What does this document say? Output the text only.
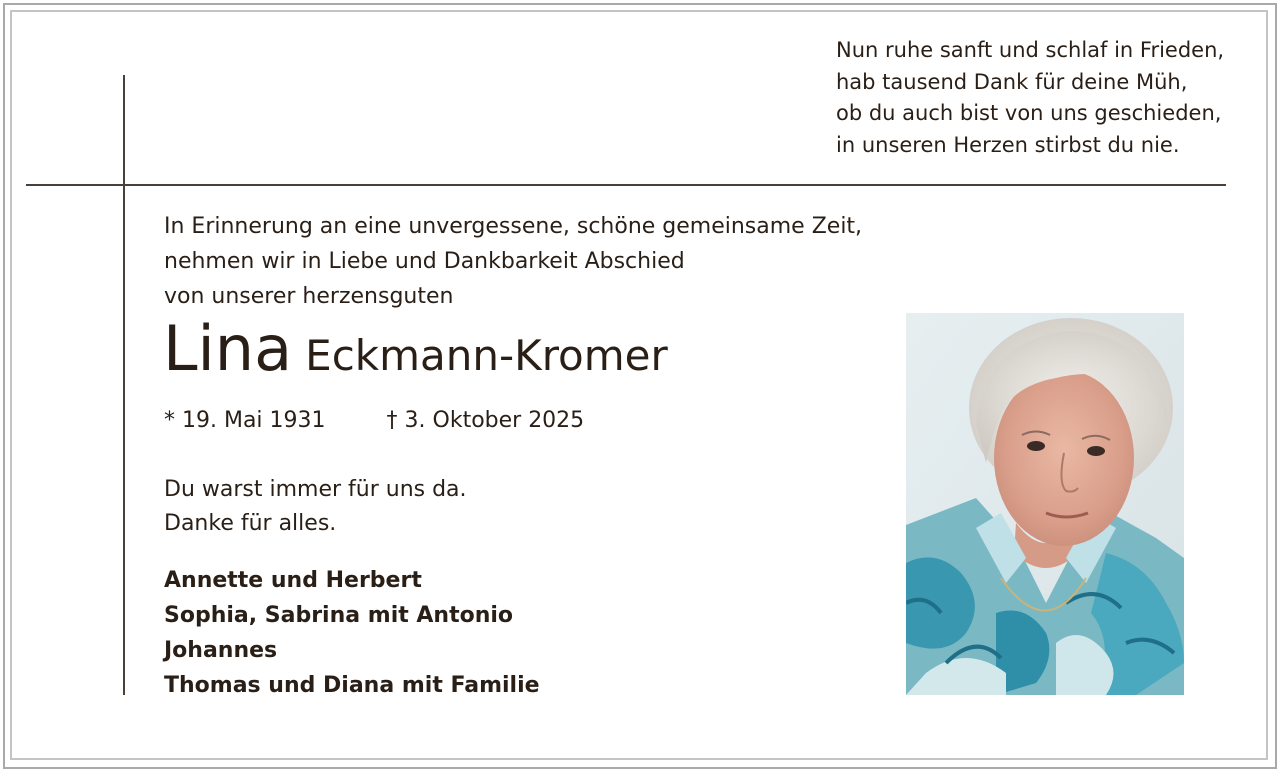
Nun ruhe sanft und schlaf in Frieden,
hab tausend Dank für deine Müh,
ob du auch bist von uns geschieden,
in unseren Herzen stirbst du nie.
In Erinnerung an eine unvergessene, schöne gemeinsame Zeit,
nehmen wir in Liebe und Dankbarkeit Abschied
von unserer herzensguten
Lina Eckmann-Kromer
* 19. Mai 1931	† 3. Oktober 2025
Du warst immer für uns da.
Danke für alles.
Annette und Herbert
Sophia, Sabrina mit Antonio
Johannes
Thomas und Diana mit Familie
